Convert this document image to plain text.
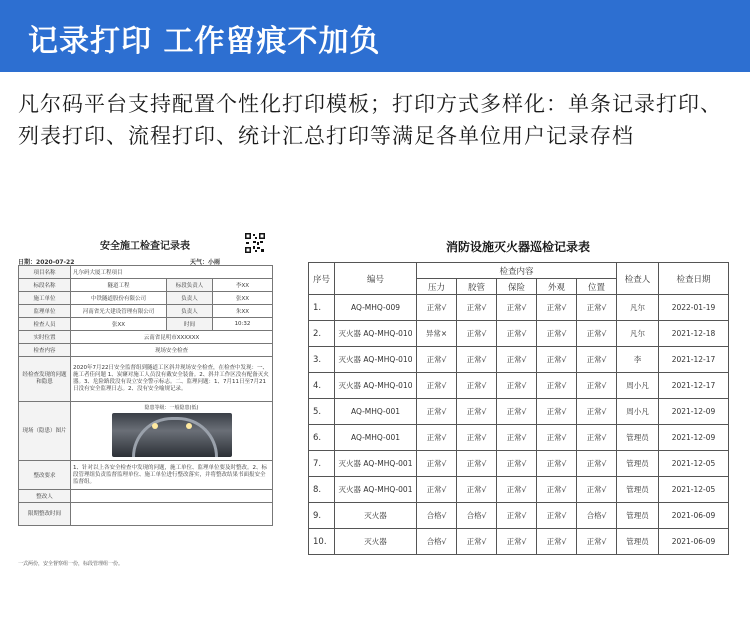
记录打印 工作留痕不加负
凡尔码平台支持配置个性化打印模板；打印方式多样化：单条记录打印、列表打印、流程打印、统计汇总打印等满足各单位用户记录存档
安全施工检查记录表
日期：2020-07-22	天气：小雨
项目名称	凡尔码大厦工程项目		
标段名称	隧道工程	标段负责人	李XX
施工单位	中铁隧道股份有限公司	负责人	张XX
监理单位	河南省光大建设管理有限公司	负责人	朱XX
检查人员	张XX	时间	10:32
实时位置	云南省昆明市XXXXXX		
检查内容	现场安全检查		
经检查发现的问题和隐患	2020年7月22日安全监督组到隧道工区斜井现场安全检查，在检查中发现：一、施工者佳问题 1、炭窿对施工人员没有戴安全装备。2、斜井工作区没有配备灭火器。3、危险路段没有设立安全警示标志。二、监理问题：1、7月11日至7月21日没有安全监理日志。2、没有安全喻规记录。		
现场（隐患）图片	隐患等级：一般隐患(低)		

整改要求	1、针对以上各安全检查中发现的问题，施工单位、监理单位要及时整改。2、标段管理组负责监督监理单位、施工单位进行整改落实，并将整改结果书面报安全监督组。		
整改人			
限期整改时间			
一式两份，安全督察组一份，标段管理组一份。
消防设施灭火器巡检记录表
序号	编号	检查内容					检查人	检查日期
		压力	胶管	保险	外观	位置		
1.	AQ-MHQ-009	正常√	正常√	正常√	正常√	正常√	凡尔	2022-01-19
2.	灭火器 AQ-MHQ-010	异常×	正常√	正常√	正常√	正常√	凡尔	2021-12-18
3.	灭火器 AQ-MHQ-010	正常√	正常√	正常√	正常√	正常√	李	2021-12-17
4.	灭火器 AQ-MHQ-010	正常√	正常√	正常√	正常√	正常√	周小凡	2021-12-17
5.	AQ-MHQ-001	正常√	正常√	正常√	正常√	正常√	周小凡	2021-12-09
6.	AQ-MHQ-001	正常√	正常√	正常√	正常√	正常√	管理员	2021-12-09
7.	灭火器 AQ-MHQ-001	正常√	正常√	正常√	正常√	正常√	管理员	2021-12-05
8.	灭火器 AQ-MHQ-001	正常√	正常√	正常√	正常√	正常√	管理员	2021-12-05
9.	灭火器	合格√	合格√	正常√	正常√	合格√	管理员	2021-06-09
10.	灭火器	合格√	正常√	正常√	正常√	正常√	管理员	2021-06-09
